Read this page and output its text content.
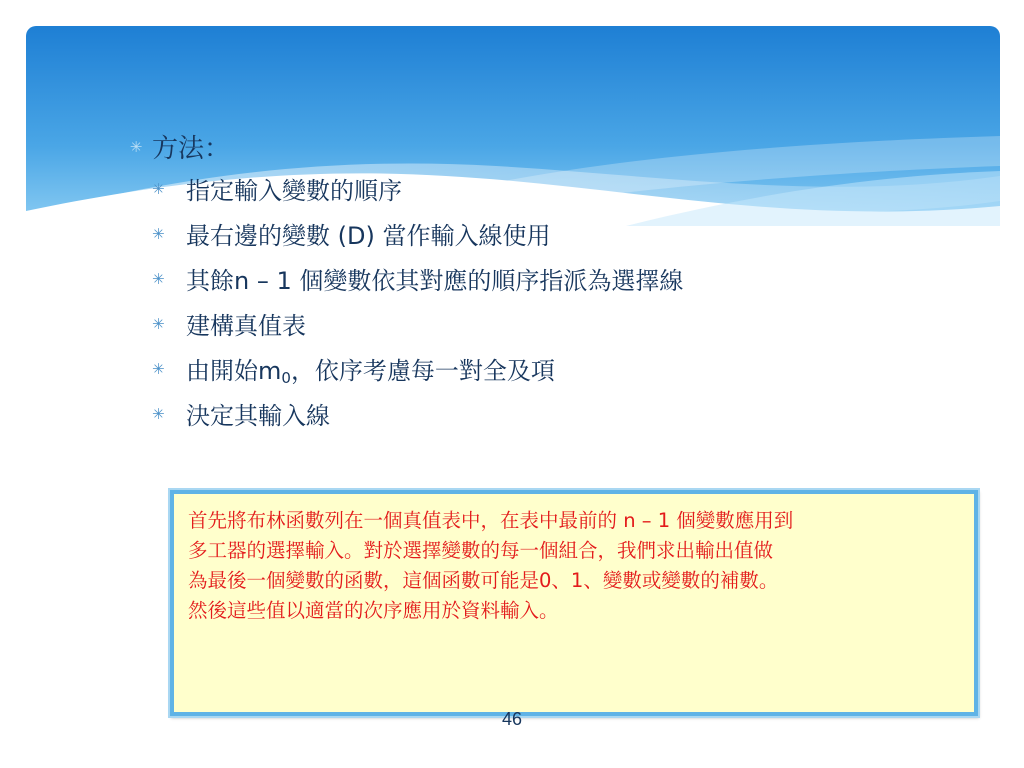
✳ 方法：
✳ 指定輸入變數的順序
✳ 最右邊的變數 (D) 當作輸入線使用
✳ 其餘n – 1 個變數依其對應的順序指派為選擇線
✳ 建構真值表
✳ 由開始$m_0$，依序考慮每一對全及項
✳ 決定其輸入線

首先將布林函數列在一個真值表中，在表中最前的 n – 1 個變數應用到

多工器的選擇輸入。對於選擇變數的每一個組合，我們求出輸出值做

為最後一個變數的函數，這個函數可能是0、1、變數或變數的補數。

然後這些值以適當的次序應用於資料輸入。

46
